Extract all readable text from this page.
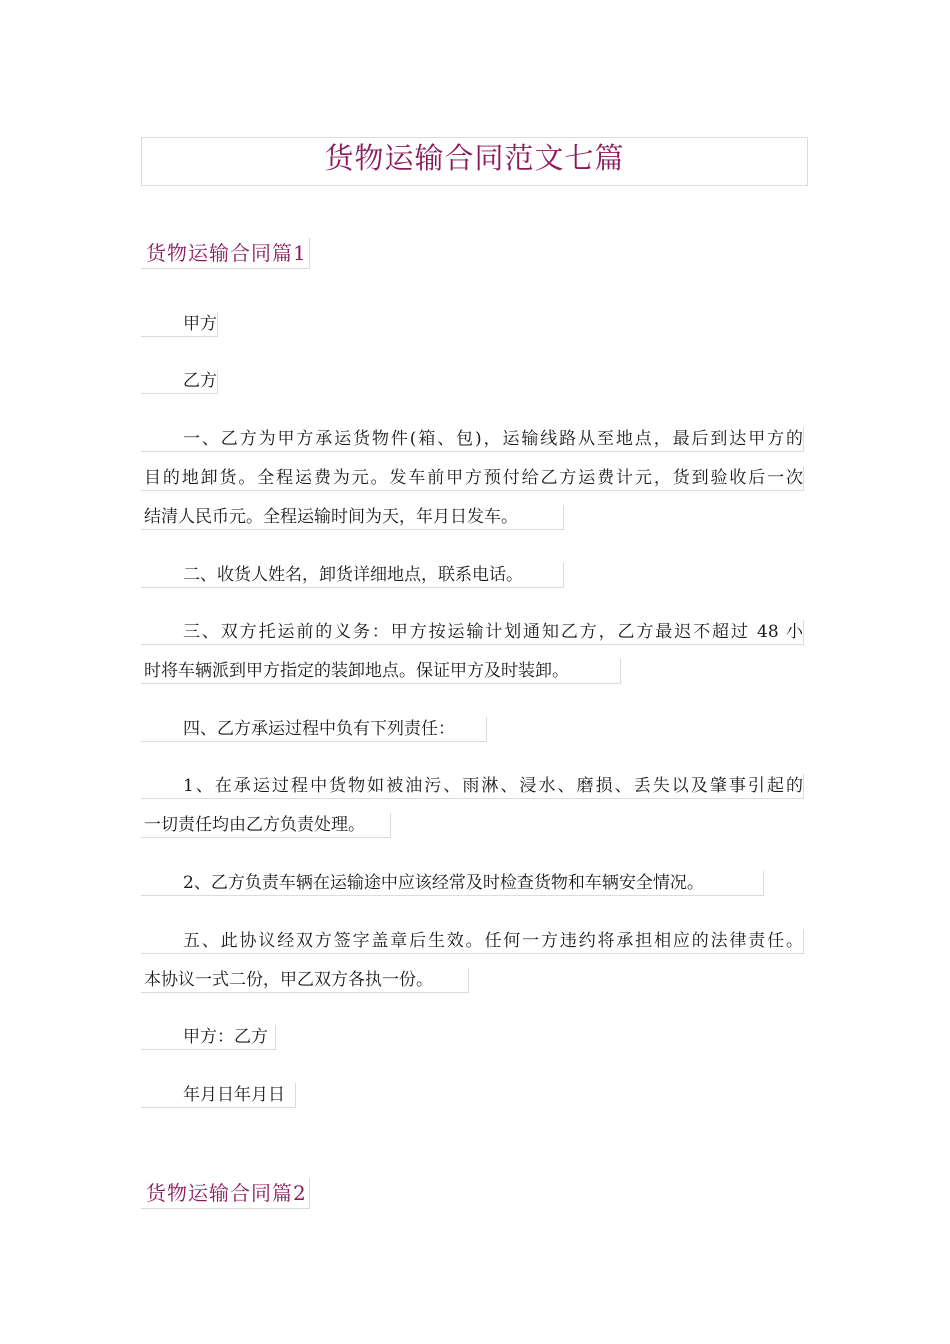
货物运输合同范文七篇
货物运输合同篇1
甲方
乙方
一、乙方为甲方承运货物件(箱、包)，运输线路从至地点，最后到达甲方的
目的地卸货。全程运费为元。发车前甲方预付给乙方运费计元，货到验收后一次
结清人民币元。全程运输时间为天，年月日发车。
二、收货人姓名，卸货详细地点，联系电话。
三、双方托运前的义务：甲方按运输计划通知乙方，乙方最迟不超过 48 小
时将车辆派到甲方指定的装卸地点。保证甲方及时装卸。
四、乙方承运过程中负有下列责任：
1、在承运过程中货物如被油污、雨淋、浸水、磨损、丢失以及肇事引起的
一切责任均由乙方负责处理。
2、乙方负责车辆在运输途中应该经常及时检查货物和车辆安全情况。
五、此协议经双方签字盖章后生效。任何一方违约将承担相应的法律责任。
本协议一式二份，甲乙双方各执一份。
甲方：乙方
年月日年月日
货物运输合同篇2
